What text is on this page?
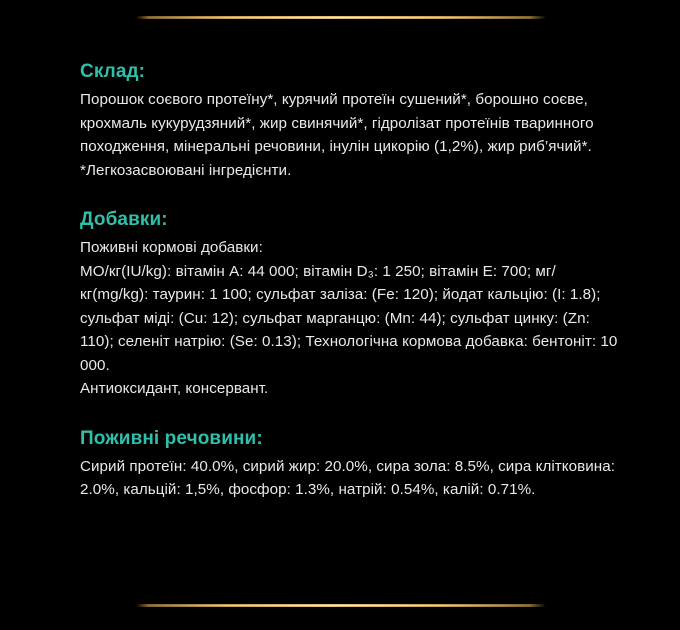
Склад:

Порошок соєвого протеїну*, курячий протеїн сушений*, борошно соєве, крохмаль кукурудзяний*, жир свинячий*, гідролізат протеїнів тваринного походження, мінеральні речовини, інулін цикорію (1,2%), жир риб’ячий*.

*Легкозасвоювані інгредієнти.

Добавки:

Поживні кормові добавки:

МО/кг(IU/kg): вітамін A: 44 000; вітамін D₃: 1 250; вітамін E: 700; мг/кг(mg/kg): таурин: 1 100; сульфат заліза: (Fe: 120); йодат кальцію: (I: 1.8); сульфат міді: (Cu: 12); сульфат марганцю: (Mn: 44); сульфат цинку: (Zn: 110); селеніт натрію: (Se: 0.13); Технологічна кормова добавка: бентоніт: 10 000.

Антиоксидант, консервант.

Поживні речовини:

Сирий протеїн: 40.0%, сирий жир: 20.0%, сира зола: 8.5%, сира клітковина: 2.0%, кальцій: 1,5%, фосфор: 1.3%, натрій: 0.54%, калій: 0.71%.
